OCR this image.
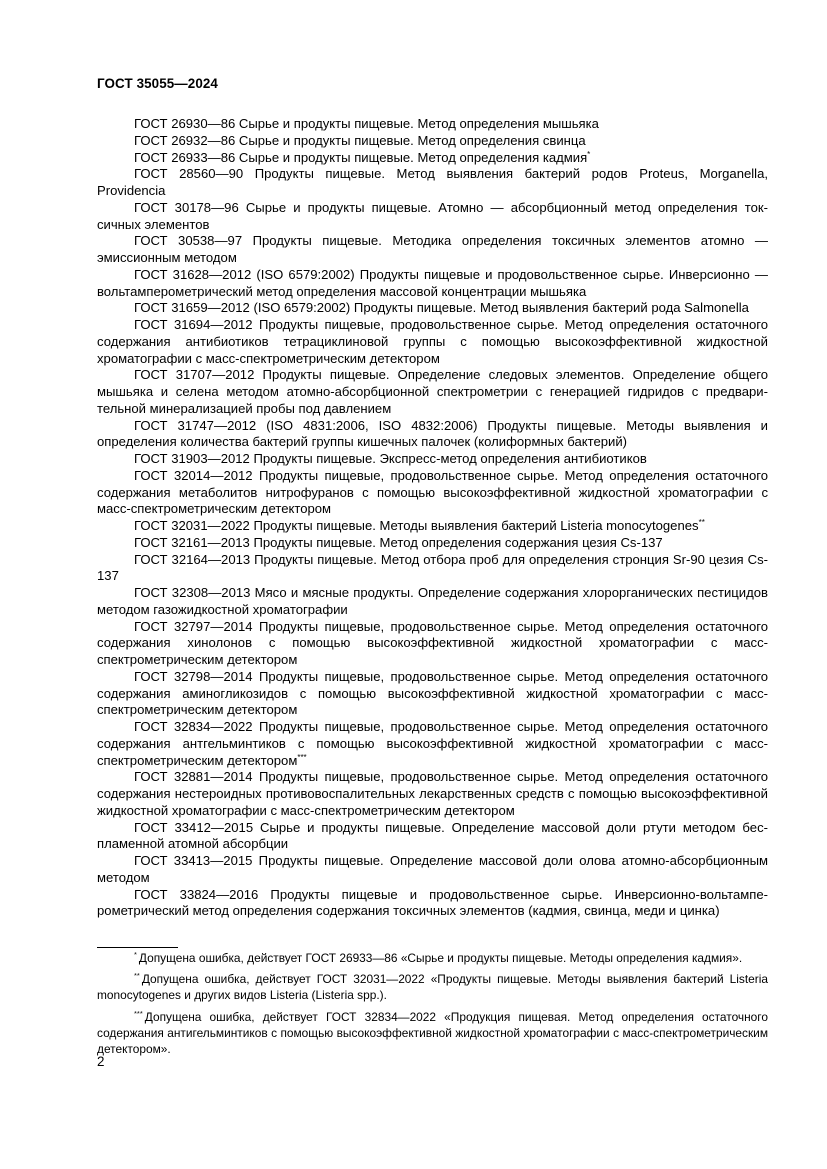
ГОСТ 35055—2024

ГОСТ 26930—86 Сырье и продукты пищевые. Метод определения мышьяка

ГОСТ 26932—86 Сырье и продукты пищевые. Метод определения свинца

ГОСТ 26933—86 Сырье и продукты пищевые. Метод определения кадмия*

ГОСТ 28560—90 Продукты пищевые. Метод выявления бактерий родов Proteus, Morganella, Providencia

ГОСТ 30178—96 Сырье и продукты пищевые. Атомно — абсорбционный метод определения токсичных элементов

ГОСТ 30538—97 Продукты пищевые. Методика определения токсичных элементов атомно — эмиссионным методом

ГОСТ 31628—2012 (ISO 6579:2002) Продукты пищевые и продовольственное сырье. Инверсионно — вольтамперометрический метод определения массовой концентрации мышьяка

ГОСТ 31659—2012 (ISO 6579:2002) Продукты пищевые. Метод выявления бактерий рода Salmonella

ГОСТ 31694—2012 Продукты пищевые, продовольственное сырье. Метод определения остаточного содержания антибиотиков тетрациклиновой группы с помощью высокоэффективной жидкостной хроматографии с масс-спектрометрическим детектором

ГОСТ 31707—2012 Продукты пищевые. Определение следовых элементов. Определение общего мышьяка и селена методом атомно-абсорбционной спектрометрии с генерацией гидридов с предварительной минерализацией пробы под давлением

ГОСТ 31747—2012 (ISO 4831:2006, ISO 4832:2006) Продукты пищевые. Методы выявления и определения количества бактерий группы кишечных палочек (колиформных бактерий)

ГОСТ 31903—2012 Продукты пищевые. Экспресс-метод определения антибиотиков

ГОСТ 32014—2012 Продукты пищевые, продовольственное сырье. Метод определения остаточного содержания метаболитов нитрофуранов с помощью высокоэффективной жидкостной хроматографии с масс-спектрометрическим детектором

ГОСТ 32031—2022 Продукты пищевые. Методы выявления бактерий Listeria monocytogenes**

ГОСТ 32161—2013 Продукты пищевые. Метод определения содержания цезия Cs-137

ГОСТ 32164—2013 Продукты пищевые. Метод отбора проб для определения стронция Sr-90 цезия Cs-137

ГОСТ 32308—2013 Мясо и мясные продукты. Определение содержания хлорорганических пестицидов методом газожидкостной хроматографии

ГОСТ 32797—2014 Продукты пищевые, продовольственное сырье. Метод определения остаточного содержания хинолонов с помощью высокоэффективной жидкостной хроматографии с масс-спектрометрическим детектором

ГОСТ 32798—2014 Продукты пищевые, продовольственное сырье. Метод определения остаточного содержания аминогликозидов с помощью высокоэффективной жидкостной хроматографии с масс-спектрометрическим детектором

ГОСТ 32834—2022 Продукты пищевые, продовольственное сырье. Метод определения остаточного содержания антгельминтиков с помощью высокоэффективной жидкостной хроматографии с масс-спектрометрическим детектором***

ГОСТ 32881—2014 Продукты пищевые, продовольственное сырье. Метод определения остаточного содержания нестероидных противовоспалительных лекарственных средств с помощью высокоэффективной жидкостной хроматографии с масс-спектрометрическим детектором

ГОСТ 33412—2015 Сырье и продукты пищевые. Определение массовой доли ртути методом беспламенной атомной абсорбции

ГОСТ 33413—2015 Продукты пищевые. Определение массовой доли олова атомно-абсорбционным методом

ГОСТ 33824—2016 Продукты пищевые и продовольственное сырье. Инверсионно-вольтамперометрический метод определения содержания токсичных элементов (кадмия, свинца, меди и цинка)

* Допущена ошибка, действует ГОСТ 26933—86 «Сырье и продукты пищевые. Методы определения кадмия».

** Допущена ошибка, действует ГОСТ 32031—2022 «Продукты пищевые. Методы выявления бактерий Listeria monocytogenes и других видов Listeria (Listeria spp.).

*** Допущена ошибка, действует ГОСТ 32834—2022 «Продукция пищевая. Метод определения остаточного содержания антигельминтиков с помощью высокоэффективной жидкостной хроматографии с масс-спектрометрическим детектором».

2
